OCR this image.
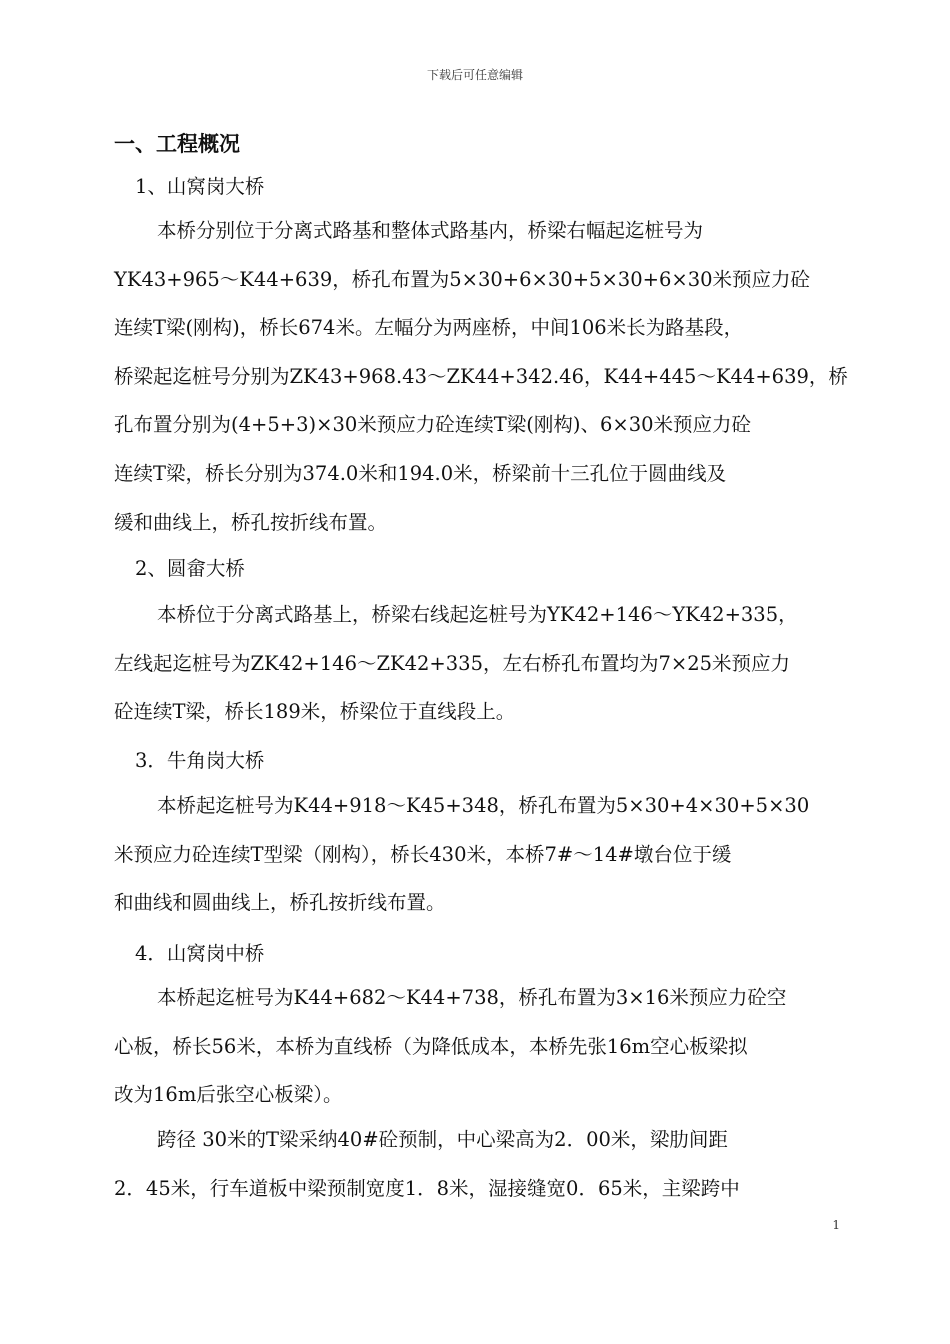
下载后可任意编辑
一、工程概况
1、山窝岗大桥
本桥分别位于分离式路基和整体式路基内，桥梁右幅起迄桩号为
YK43+965～K44+639，桥孔布置为5×30+6×30+5×30+6×30米预应力砼
连续T梁(刚构)，桥长674米。左幅分为两座桥，中间106米长为路基段，
桥梁起迄桩号分别为ZK43+968.43～ZK44+342.46，K44+445～K44+639，桥
孔布置分别为(4+5+3)×30米预应力砼连续T梁(刚构)、6×30米预应力砼
连续T梁，桥长分别为374.0米和194.0米，桥梁前十三孔位于圆曲线及
缓和曲线上，桥孔按折线布置。
2、圆畲大桥
本桥位于分离式路基上，桥梁右线起迄桩号为YK42+146～YK42+335，
左线起迄桩号为ZK42+146～ZK42+335，左右桥孔布置均为7×25米预应力
砼连续T梁，桥长189米，桥梁位于直线段上。
3．牛角岗大桥
本桥起迄桩号为K44+918～K45+348，桥孔布置为5×30+4×30+5×30
米预应力砼连续T型梁（刚构），桥长430米，本桥7#～14#墩台位于缓
和曲线和圆曲线上，桥孔按折线布置。
4．山窝岗中桥
本桥起迄桩号为K44+682～K44+738，桥孔布置为3×16米预应力砼空
心板，桥长56米，本桥为直线桥（为降低成本，本桥先张16m空心板梁拟
改为16m后张空心板梁）。
跨径 30米的T梁采纳40#砼预制，中心梁高为2．00米，梁肋间距
2．45米，行车道板中梁预制宽度1．8米，湿接缝宽0．65米，主梁跨中
1
